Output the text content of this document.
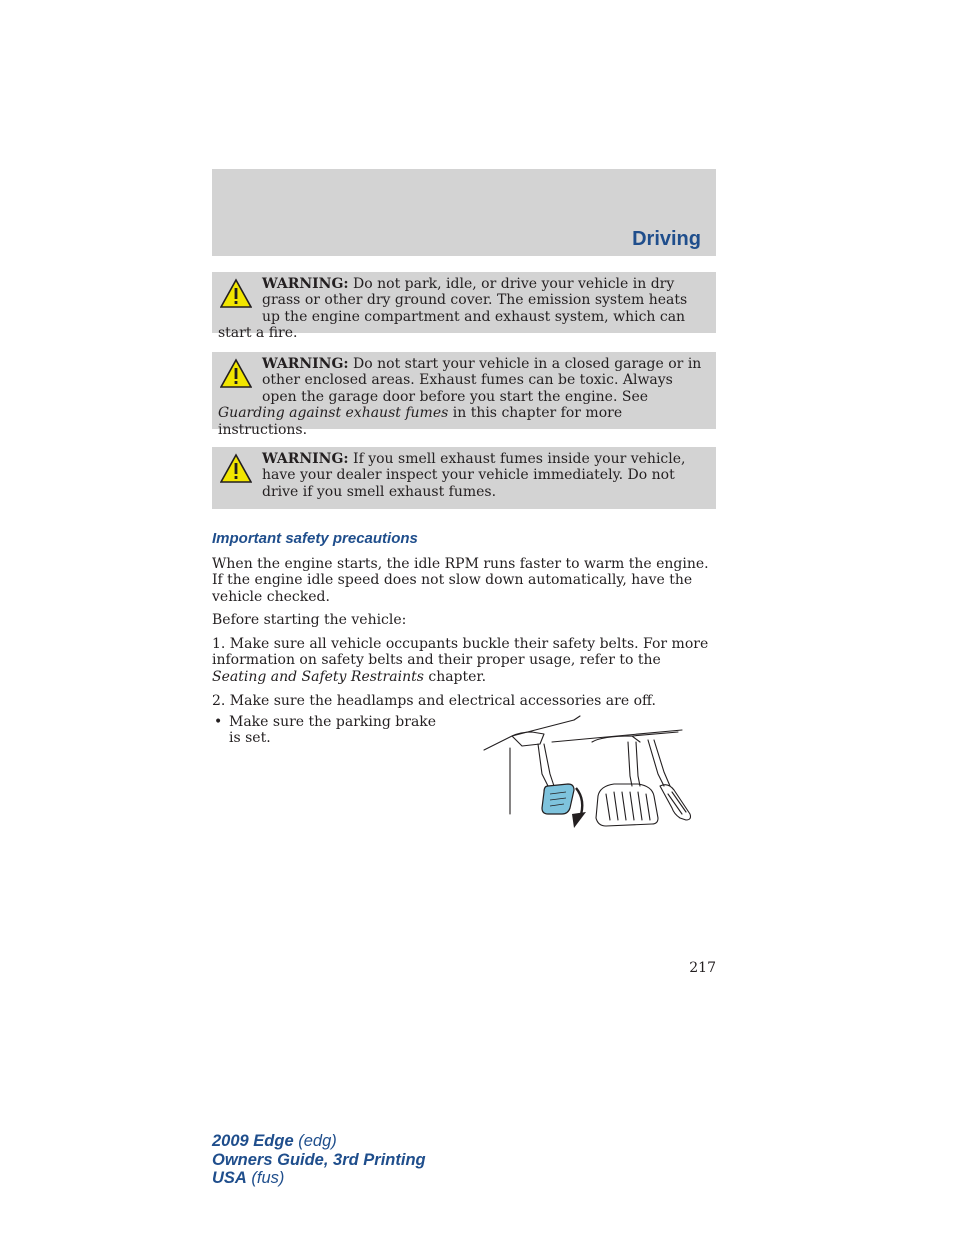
Driving
WARNING: Do not park, idle, or drive your vehicle in dry grass or other dry ground cover. The emission system heats up the engine compartment and exhaust system, which can start a fire.
WARNING: Do not start your vehicle in a closed garage or in other enclosed areas. Exhaust fumes can be toxic. Always open the garage door before you start the engine. See Guarding against exhaust fumes in this chapter for more instructions.
WARNING: If you smell exhaust fumes inside your vehicle, have your dealer inspect your vehicle immediately. Do not drive if you smell exhaust fumes.
Important safety precautions
When the engine starts, the idle RPM runs faster to warm the engine. If the engine idle speed does not slow down automatically, have the vehicle checked.
Before starting the vehicle:
1. Make sure all vehicle occupants buckle their safety belts. For more information on safety belts and their proper usage, refer to the Seating and Safety Restraints chapter.
2. Make sure the headlamps and electrical accessories are off.
• Make sure the parking brake is set.
217
2009 Edge (edg)
Owners Guide, 3rd Printing
USA (fus)
